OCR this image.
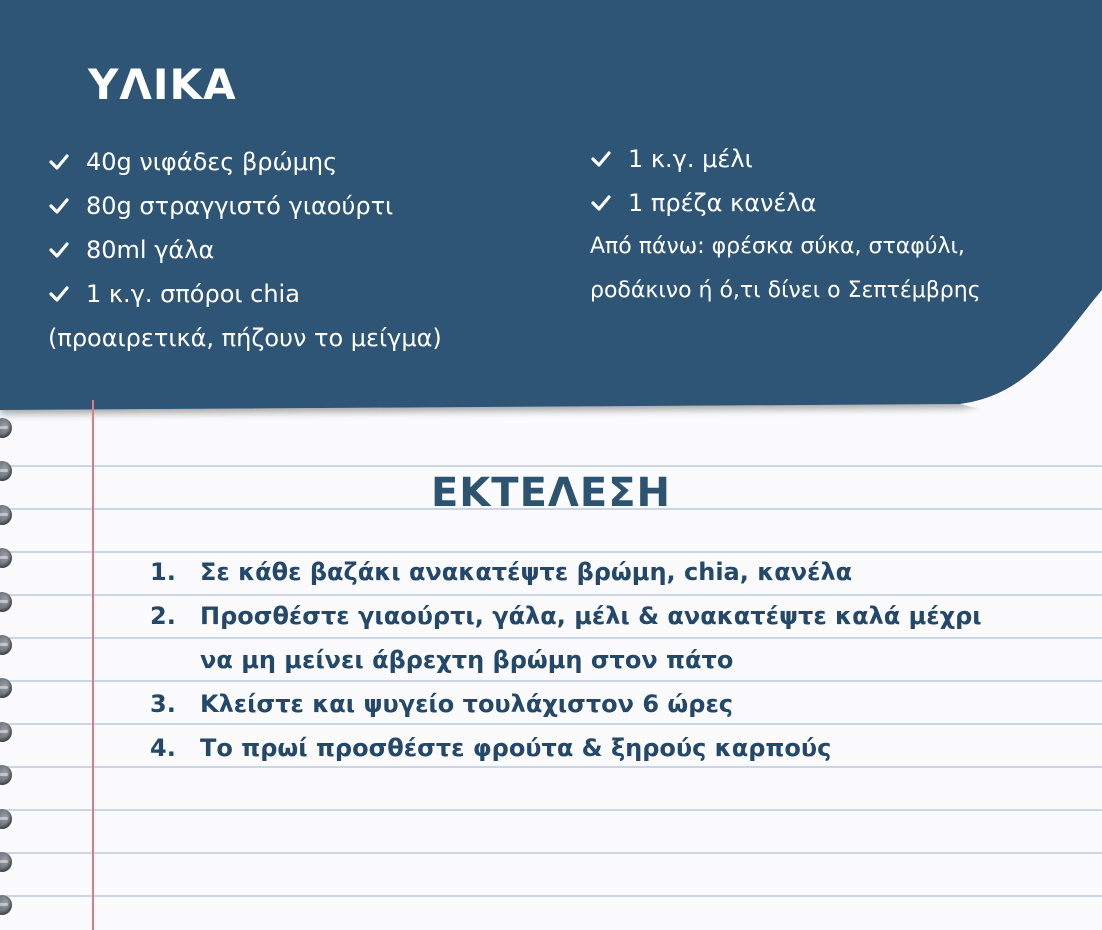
ΥΛΙΚΑ
40g νιφάδες βρώμης
80g στραγγιστό γιαούρτι
80ml γάλα
1 κ.γ. σπόροι chia
(προαιρετικά, πήζουν το μείγμα)
1 κ.γ. μέλι
1 πρέζα κανέλα
Από πάνω: φρέσκα σύκα, σταφύλι,
ροδάκινο ή ό,τι δίνει ο Σεπτέμβρης
ΕΚΤΕΛΕΣΗ
1.	Σε κάθε βαζάκι ανακατέψτε βρώμη, chia, κανέλα
2.	Προσθέστε γιαούρτι, γάλα, μέλι & ανακατέψτε καλά μέχρι να μη μείνει άβρεχτη βρώμη στον πάτο
3.	Κλείστε και ψυγείο τουλάχιστον 6 ώρες
4.	Το πρωί προσθέστε φρούτα & ξηρούς καρπούς
